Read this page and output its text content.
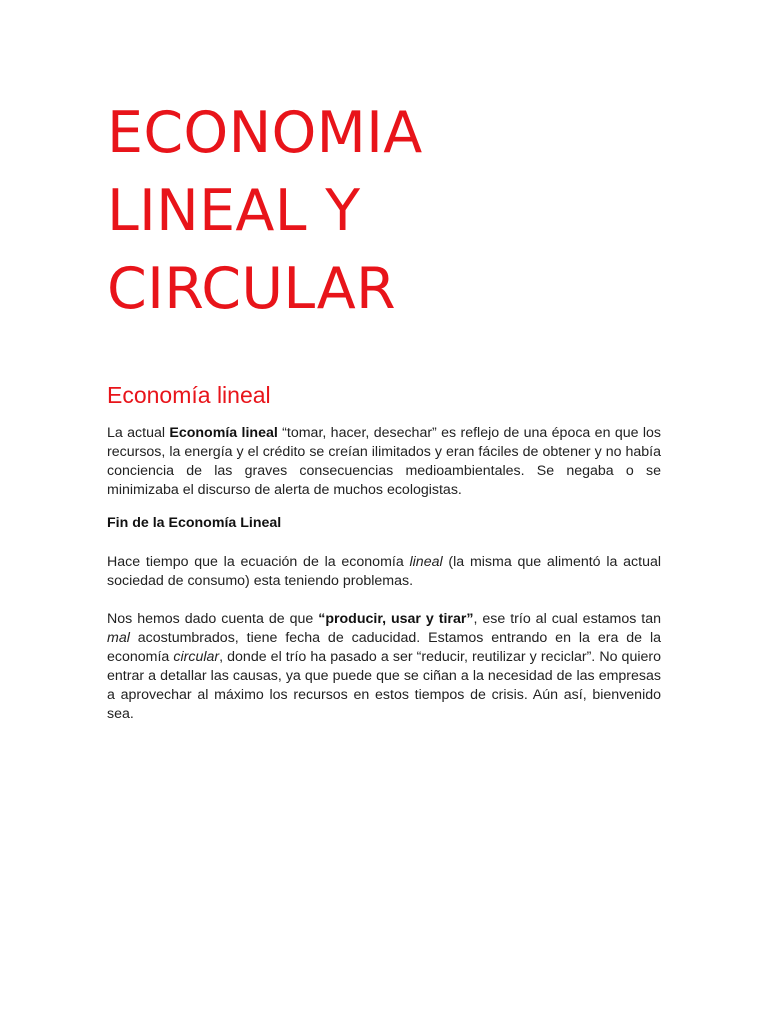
ECONOMIA
LINEAL Y
CIRCULAR
Economía lineal

La actual Economía lineal “tomar, hacer, desechar” es reflejo de una época en que los recursos, la energía y el crédito se creían ilimitados y eran fáciles de obtener y no había conciencia de las graves consecuencias medioambientales. Se negaba o se minimizaba el discurso de alerta de muchos ecologistas.

Fin de la Economía Lineal

Hace tiempo que la ecuación de la economía lineal (la misma que alimentó la actual sociedad de consumo) esta teniendo problemas.

Nos hemos dado cuenta de que “producir, usar y tirar”, ese trío al cual estamos tan mal acostumbrados, tiene fecha de caducidad. Estamos entrando en la era de la economía circular, donde el trío ha pasado a ser “reducir, reutilizar y reciclar”. No quiero entrar a detallar las causas, ya que puede que se ciñan a la necesidad de las empresas a aprovechar al máximo los recursos en estos tiempos de crisis. Aún así, bienvenido sea.
